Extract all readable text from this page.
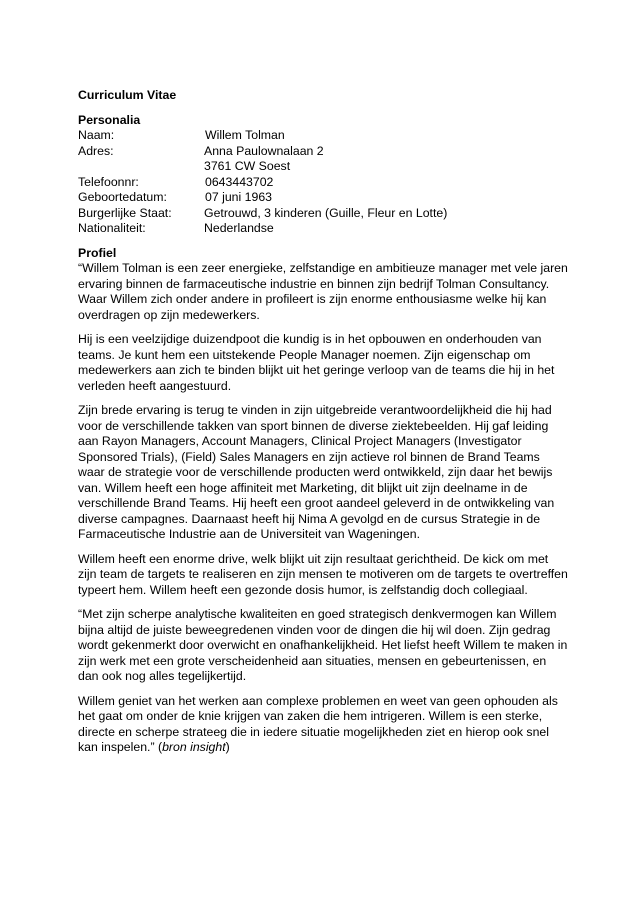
Curriculum Vitae

Personalia

Naam:	Willem Tolman
Adres:	Anna Paulownalaan 2
3761 CW Soest
Telefoonnr:	0643443702
Geboortedatum:	07 juni 1963
Burgerlijke Staat:	Getrouwd, 3 kinderen (Guille, Fleur en Lotte)
Nationaliteit:	Nederlandse

Profiel

“Willem Tolman is een zeer energieke, zelfstandige en ambitieuze manager met vele jaren ervaring binnen de farmaceutische industrie en binnen zijn bedrijf Tolman Consultancy. Waar Willem zich onder andere in profileert is zijn enorme enthousiasme welke hij kan overdragen op zijn medewerkers.

Hij is een veelzijdige duizendpoot die kundig is in het opbouwen en onderhouden van teams. Je kunt hem een uitstekende People Manager noemen. Zijn eigenschap om medewerkers aan zich te binden blijkt uit het geringe verloop van de teams die hij in het verleden heeft aangestuurd.

Zijn brede ervaring is terug te vinden in zijn uitgebreide verantwoordelijkheid die hij had voor de verschillende takken van sport binnen de diverse ziektebeelden. Hij gaf leiding aan Rayon Managers, Account Managers, Clinical Project Managers (Investigator Sponsored Trials), (Field) Sales Managers en zijn actieve rol binnen de Brand Teams waar de strategie voor de verschillende producten werd ontwikkeld, zijn daar het bewijs van. Willem heeft een hoge affiniteit met Marketing, dit blijkt uit zijn deelname in de verschillende Brand Teams. Hij heeft een groot aandeel geleverd in de ontwikkeling van diverse campagnes. Daarnaast heeft hij Nima A gevolgd en de cursus Strategie in de Farmaceutische Industrie aan de Universiteit van Wageningen.

Willem heeft een enorme drive, welk blijkt uit zijn resultaat gerichtheid. De kick om met zijn team de targets te realiseren en zijn mensen te motiveren om de targets te overtreffen typeert hem. Willem heeft een gezonde dosis humor, is zelfstandig doch collegiaal.

“Met zijn scherpe analytische kwaliteiten en goed strategisch denkvermogen kan Willem bijna altijd de juiste beweegredenen vinden voor de dingen die hij wil doen. Zijn gedrag wordt gekenmerkt door overwicht en onafhankelijkheid. Het liefst heeft Willem te maken in zijn werk met een grote verscheidenheid aan situaties, mensen en gebeurtenissen, en dan ook nog alles tegelijkertijd.

Willem geniet van het werken aan complexe problemen en weet van geen ophouden als het gaat om onder de knie krijgen van zaken die hem intrigeren. Willem is een sterke, directe en scherpe strateeg die in iedere situatie mogelijkheden ziet en hierop ook snel kan inspelen.” (bron insight)
